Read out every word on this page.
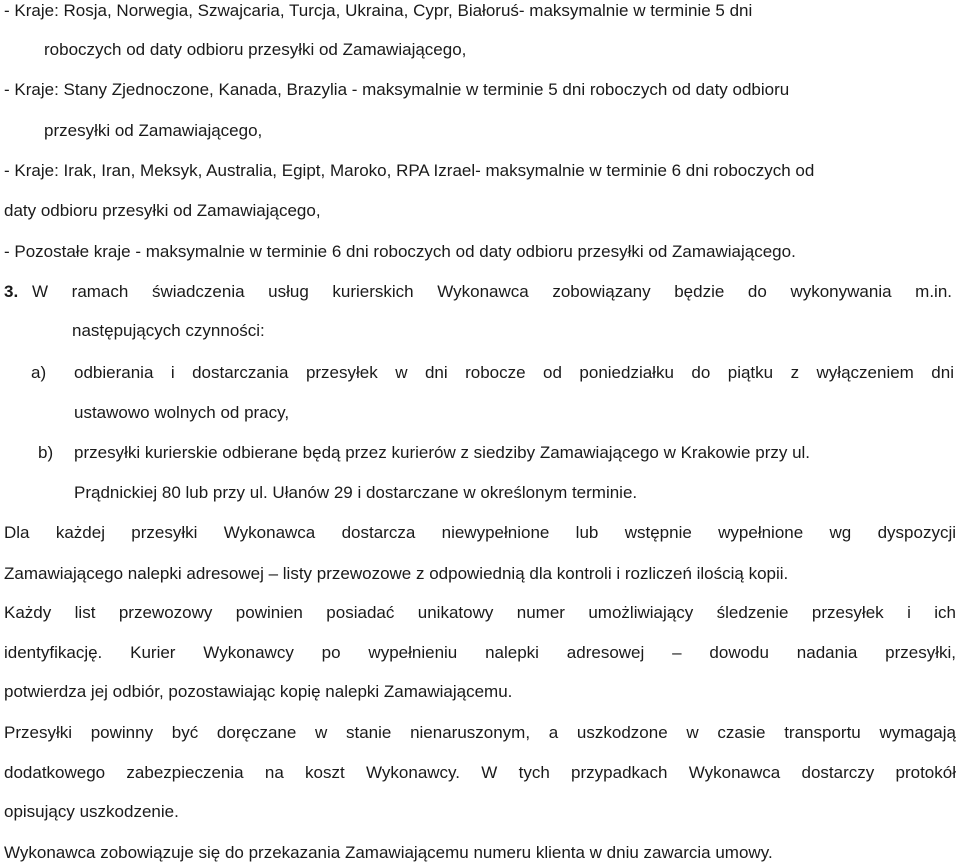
- Kraje: Rosja, Norwegia, Szwajcaria, Turcja, Ukraina, Cypr, Białoruś- maksymalnie w terminie 5 dni
roboczych od daty odbioru przesyłki od Zamawiającego,
- Kraje: Stany Zjednoczone, Kanada, Brazylia - maksymalnie w terminie 5 dni roboczych od daty odbioru
przesyłki od Zamawiającego,
- Kraje: Irak, Iran, Meksyk, Australia, Egipt, Maroko, RPA Izrael- maksymalnie w terminie 6 dni roboczych od
daty odbioru przesyłki od Zamawiającego,
- Pozostałe kraje - maksymalnie w terminie 6 dni roboczych od daty odbioru przesyłki od Zamawiającego.
3. W ramach świadczenia usług kurierskich Wykonawca zobowiązany będzie do wykonywania m.in.
następujących czynności:
a) odbierania i dostarczania przesyłek w dni robocze od poniedziałku do piątku z wyłączeniem dni
ustawowo wolnych od pracy,
b) przesyłki kurierskie odbierane będą przez kurierów z siedziby Zamawiającego w Krakowie przy ul.
Prądnickiej 80 lub przy ul. Ułanów 29 i dostarczane w określonym terminie.
Dla każdej przesyłki Wykonawca dostarcza niewypełnione lub wstępnie wypełnione wg dyspozycji
Zamawiającego nalepki adresowej – listy przewozowe z odpowiednią dla kontroli i rozliczeń ilością kopii.
Każdy list przewozowy powinien posiadać unikatowy numer umożliwiający śledzenie przesyłek i ich
identyfikację. Kurier Wykonawcy po wypełnieniu nalepki adresowej – dowodu nadania przesyłki,
potwierdza jej odbiór, pozostawiając kopię nalepki Zamawiającemu.
Przesyłki powinny być doręczane w stanie nienaruszonym, a uszkodzone w czasie transportu wymagają
dodatkowego zabezpieczenia na koszt Wykonawcy. W tych przypadkach Wykonawca dostarczy protokół
opisujący uszkodzenie.
Wykonawca zobowiązuje się do przekazania Zamawiającemu numeru klienta w dniu zawarcia umowy.
